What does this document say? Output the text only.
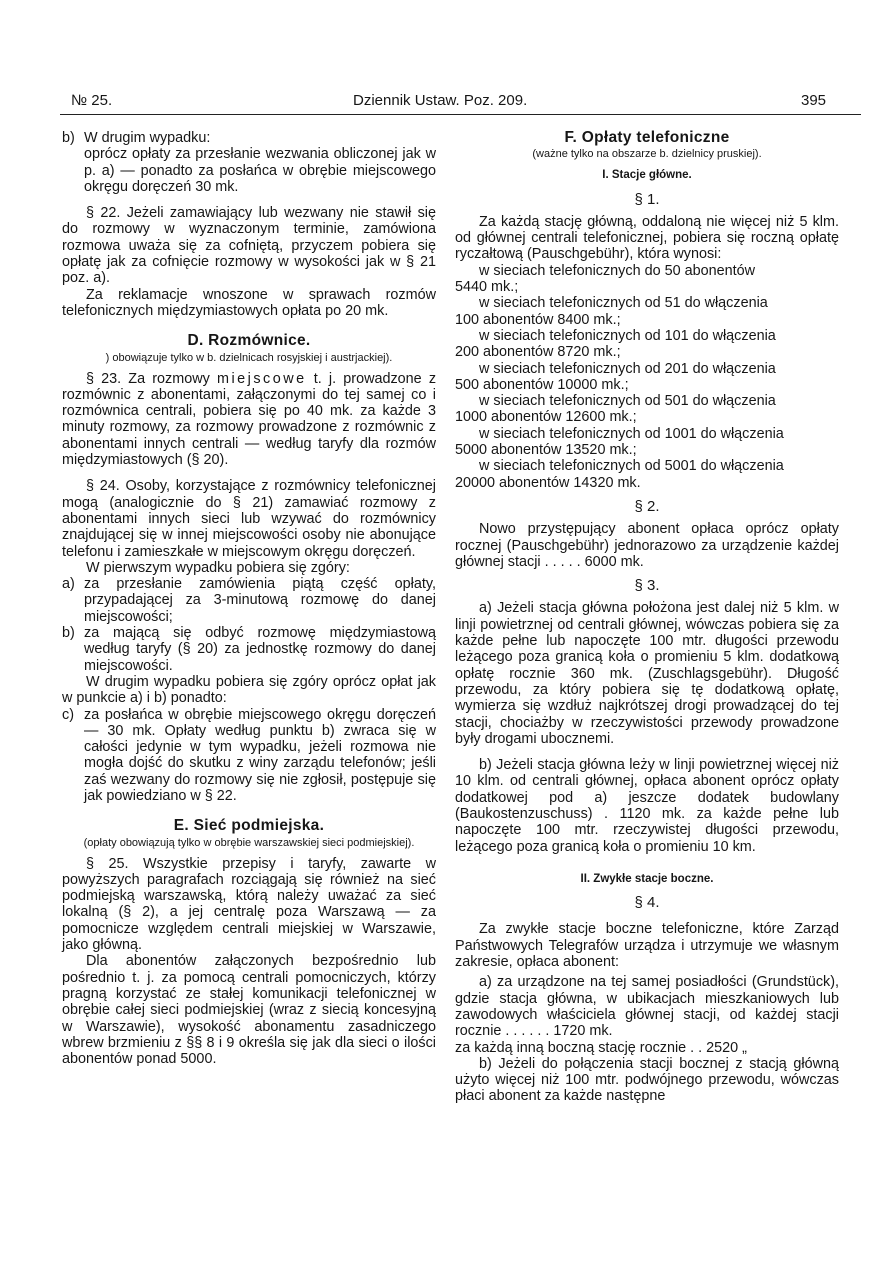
№ 25.	Dziennik Ustaw. Poz. 209.	395
b) W drugim wypadku:

oprócz opłaty za przesłanie wezwania obliczonej jak w p. a) — ponadto za posłańca w obrębie miejscowego okręgu doręczeń 30 mk.

§ 22. Jeżeli zamawiający lub wezwany nie stawił się do rozmowy w wyznaczonym terminie, zamówiona rozmowa uważa się za cofniętą, przyczem pobiera się opłatę jak za cofnięcie rozmowy w wysokości jak w § 21 poz. a).

Za reklamacje wnoszone w sprawach rozmów telefonicznych międzymiastowych opłata po 20 mk.

D. Rozmównice.

) obowiązuje tylko w b. dzielnicach rosyjskiej i austrjackiej).

§ 23. Za rozmowy miejscowe t. j. prowadzone z rozmównic z abonentami, załączonymi do tej samej co i rozmównica centrali, pobiera się po 40 mk. za każde 3 minuty rozmowy, za rozmowy prowadzone z rozmównic z abonentami innych centrali — według taryfy dla rozmów międzymiastowych (§ 20).

§ 24. Osoby, korzystające z rozmównicy telefonicznej mogą (analogicznie do § 21) zamawiać rozmowy z abonentami innych sieci lub wzywać do rozmównicy znajdującej się w innej miejscowości osoby nie abonujące telefonu i zamieszkałe w miejscowym okręgu doręczeń.

W pierwszym wypadku pobiera się zgóry:

a) za przesłanie zamówienia piątą część opłaty, przypadającej za 3-minutową rozmowę do danej miejscowości;
b) za mającą się odbyć rozmowę międzymiastową według taryfy (§ 20) za jednostkę rozmowy do danej miejscowości.

W drugim wypadku pobiera się zgóry oprócz opłat jak w punkcie a) i b) ponadto:

c) za posłańca w obrębie miejscowego okręgu doręczeń — 30 mk. Opłaty według punktu b) zwraca się w całości jedynie w tym wypadku, jeżeli rozmowa nie mogła dojść do skutku z winy zarządu telefonów; jeśli zaś wezwany do rozmowy się nie zgłosił, postępuje się jak powiedziano w § 22.

E. Sieć podmiejska.

(opłaty obowiązują tylko w obrębie warszawskiej sieci podmiejskiej).

§ 25. Wszystkie przepisy i taryfy, zawarte w powyższych paragrafach rozciągają się również na sieć podmiejską warszawską, którą należy uważać za sieć lokalną (§ 2), a jej centralę poza Warszawą — za pomocnicze względem centrali miejskiej w Warszawie, jako główną.

Dla abonentów załączonych bezpośrednio lub pośrednio t. j. za pomocą centrali pomocniczych, którzy pragną korzystać ze stałej komunikacji telefonicznej w obrębie całej sieci podmiejskiej (wraz z siecią koncesyjną w Warszawie), wysokość abonamentu zasadniczego wbrew brzmieniu z §§ 8 i 9 określa się jak dla sieci o ilości abonentów ponad 5000.

F. Opłaty telefoniczne

(ważne tylko na obszarze b. dzielnicy pruskiej).

I. Stacje główne.

§ 1.

Za każdą stację główną, oddaloną nie więcej niż 5 klm. od głównej centrali telefonicznej, pobiera się roczną opłatę ryczałtową (Pauschgebühr), która wynosi:

w sieciach telefonicznych do 50 abonentów

5440 mk.;

w sieciach telefonicznych od 51 do włączenia

100 abonentów 8400 mk.;

w sieciach telefonicznych od 101 do włączenia

200 abonentów 8720 mk.;

w sieciach telefonicznych od 201 do włączenia

500 abonentów 10000 mk.;

w sieciach telefonicznych od 501 do włączenia

1000 abonentów 12600 mk.;

w sieciach telefonicznych od 1001 do włączenia

5000 abonentów 13520 mk.;

w sieciach telefonicznych od 5001 do włączenia

20000 abonentów 14320 mk.

§ 2.

Nowo przystępujący abonent opłaca oprócz opłaty rocznej (Pauschgebühr) jednorazowo za urządzenie każdej głównej stacji . . . . . 6000 mk.

§ 3.

a) Jeżeli stacja główna położona jest dalej niż 5 klm. w linji powietrznej od centrali głównej, wówczas pobiera się za każde pełne lub napoczęte 100 mtr. długości przewodu leżącego poza granicą koła o promieniu 5 klm. dodatkową opłatę rocznie 360 mk. (Zuschlagsgebühr). Długość przewodu, za który pobiera się tę dodatkową opłatę, wymierza się wzdłuż najkrótszej drogi prowadzącej do tej stacji, chociażby w rzeczywistości przewody prowadzone były drogami ubocznemi.

b) Jeżeli stacja główna leży w linji powietrznej więcej niż 10 klm. od centrali głównej, opłaca abonent oprócz opłaty dodatkowej pod a) jeszcze dodatek budowlany (Baukostenzuschuss) . 1120 mk. za każde pełne lub napoczęte 100 mtr. rzeczywistej długości przewodu, leżącego poza granicą koła o promieniu 10 km.

II. Zwykłe stacje boczne.

§ 4.

Za zwykłe stacje boczne telefoniczne, które Zarząd Państwowych Telegrafów urządza i utrzymuje we własnym zakresie, opłaca abonent:

a) za urządzone na tej samej posiadłości (Grundstück), gdzie stacja główna, w ubikacjach mieszkaniowych lub zawodowych właściciela głównej stacji, od każdej stacji rocznie . . . . . . 1720 mk.

za każdą inną boczną stację rocznie . . 2520 „

b) Jeżeli do połączenia stacji bocznej z stacją główną użyto więcej niż 100 mtr. podwójnego przewodu, wówczas płaci abonent za każde następne
